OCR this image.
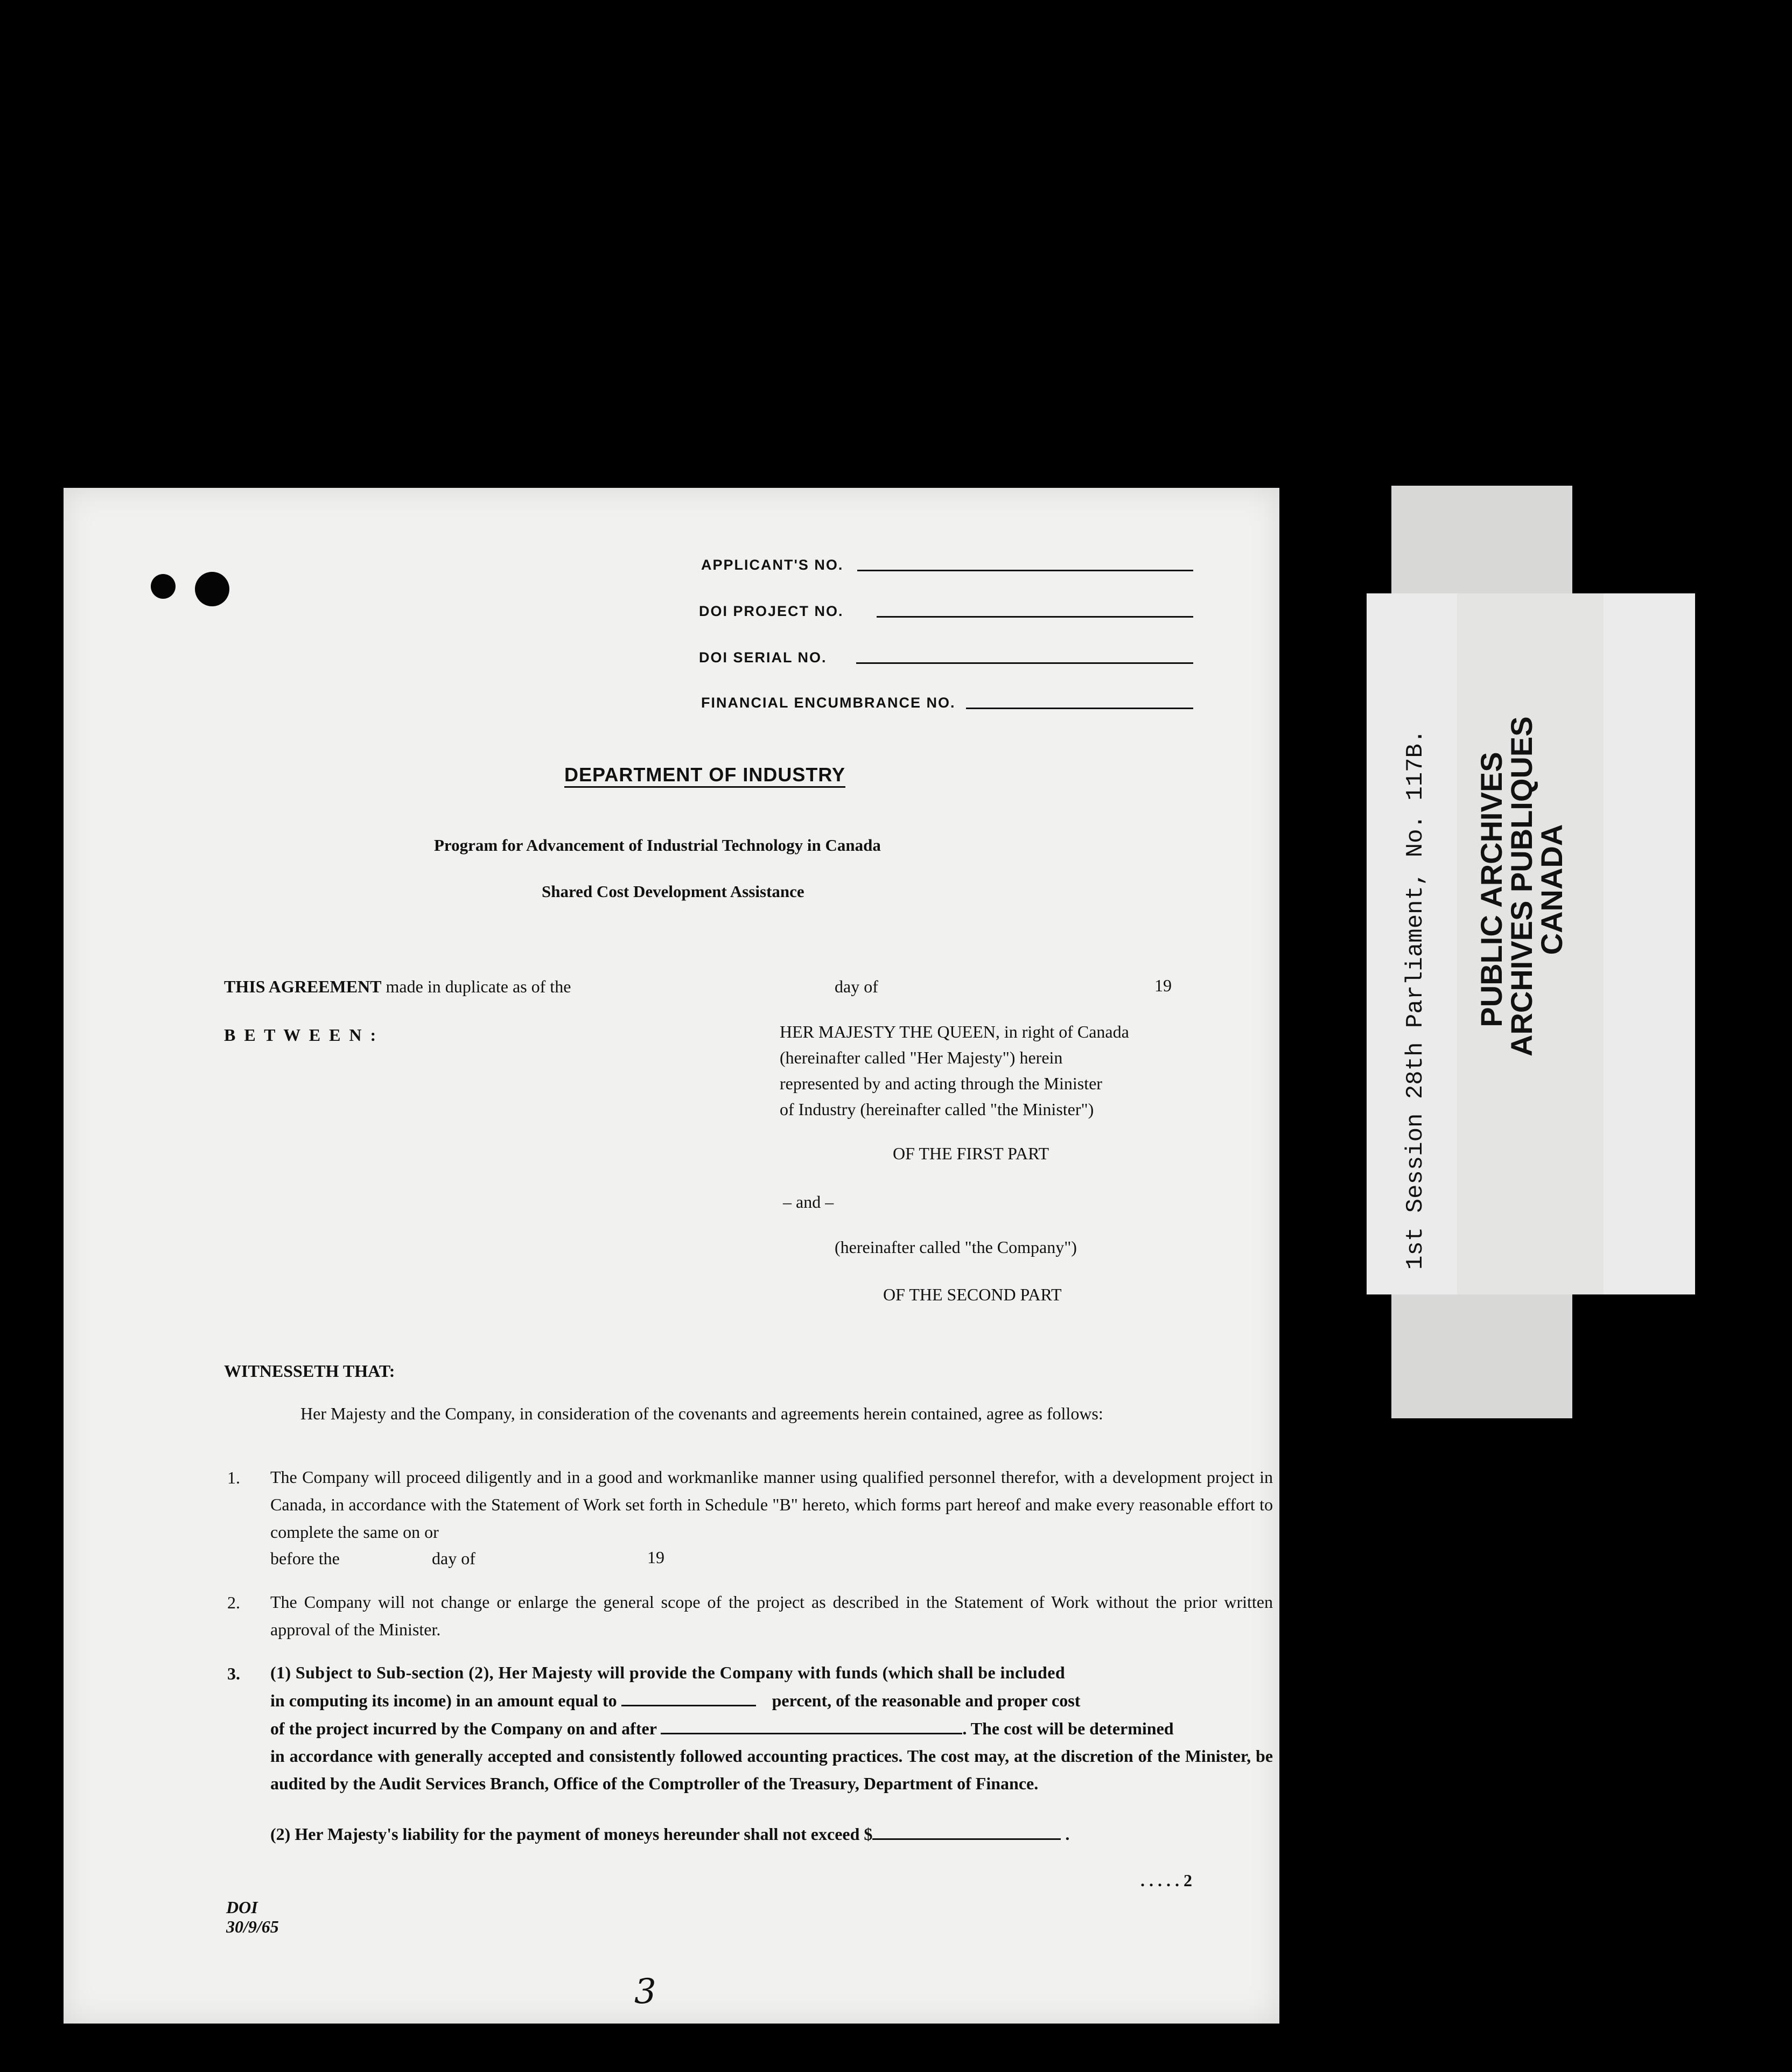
APPLICANT'S NO.
DOI PROJECT NO.
DOI SERIAL NO.
FINANCIAL ENCUMBRANCE NO.
DEPARTMENT OF INDUSTRY
Program for Advancement of Industrial Technology in Canada
Shared Cost Development Assistance
THIS AGREEMENT made in duplicate as of the	day of	19
B E T W E E N :	HER MAJESTY THE QUEEN, in right of Canada
(hereinafter called "Her Majesty") herein
represented by and acting through the Minister
of Industry (hereinafter called "the Minister")
OF THE FIRST PART
– and –
(hereinafter called "the Company")
OF THE SECOND PART
WITNESSETH THAT:
Her Majesty and the Company, in consideration of the covenants and agreements herein contained, agree as follows:
1. The Company will proceed diligently and in a good and workmanlike manner using qualified personnel therefor, with a development project in Canada, in accordance with the Statement of Work set forth in Schedule "B" hereto, which forms part hereof and make every reasonable effort to complete the same on or
before the	day of	19
2. The Company will not change or enlarge the general scope of the project as described in the Statement of Work without the prior written approval of the Minister.
3. (1) Subject to Sub-section (2), Her Majesty will provide the Company with funds (which shall be included
in computing its income) in an amount equal to	percent, of the reasonable and proper cost
of the project incurred by the Company on and after	. The cost will be determined
in accordance with generally accepted and consistently followed accounting practices. The cost may, at the discretion of the Minister, be audited by the Audit Services Branch, Office of the Comptroller of the Treasury, Department of Finance.
(2) Her Majesty's liability for the payment of moneys hereunder shall not exceed $	.
. . . . . 2
DOI
30/9/65
3
1st Session 28th Parliament, No. 117B. PUBLIC ARCHIVES
ARCHIVES PUBLIQUES
CANADA
